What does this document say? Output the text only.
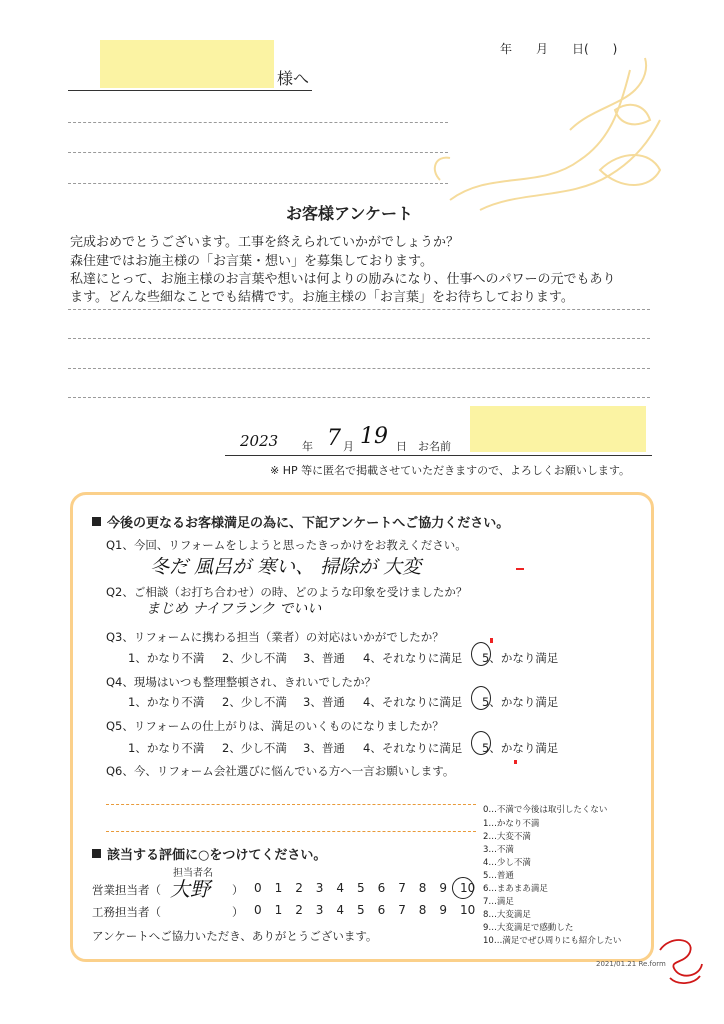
年　　月　　日(　　)
様へ
お客様アンケート
完成おめでとうございます。工事を終えられていかがでしょうか？
森住建ではお施主様の「お言葉・想い」を募集しております。
私達にとって、お施主様のお言葉や想いは何よりの励みになり、仕事へのパワーの元でもあり
ます。どんな些細なことでも結構です。お施主様の「お言葉」をお待ちしております。
2023 年 7 月 19 日 お名前
※ HP 等に匿名で掲載させていただきますので、よろしくお願いします。
今後の更なるお客様満足の為に、下記アンケートへご協力ください。
Q1、今回、リフォームをしようと思ったきっかけをお教えください。
冬だ 風呂が 寒い、 掃除が 大変
Q2、ご相談（お打ち合わせ）の時、どのような印象を受けましたか？
まじめ ナイフランク でいい
Q3、リフォームに携わる担当（業者）の対応はいかがでしたか？
1、かなり不満 2、少し不満 3、普通 4、それなりに満足 5、かなり満足
Q4、現場はいつも整理整頓され、きれいでしたか？
1、かなり不満 2、少し不満 3、普通 4、それなりに満足 5、かなり満足
Q5、リフォームの仕上がりは、満足のいくものになりましたか？
1、かなり不満 2、少し不満 3、普通 4、それなりに満足 5、かなり満足
Q6、今、リフォーム会社選びに悩んでいる方へ一言お願いします。
0…不満で今後は取引したくない
1…かなり不満
2…大変不満
3…不満
4…少し不満
5…普通
6…まあまあ満足
7…満足
8…大変満足
9…大変満足で感動した
10…満足でぜひ周りにも紹介したい
該当する評価に○をつけてください。
担当者名
営業担当者（ 大野 ） 0 1 2 3 4 5 6 7 8 9 10
工務担当者（	） 0 1 2 3 4 5 6 7 8 9 10
アンケートへご協力いただき、ありがとうございます。
2021/01.21 Re.form
